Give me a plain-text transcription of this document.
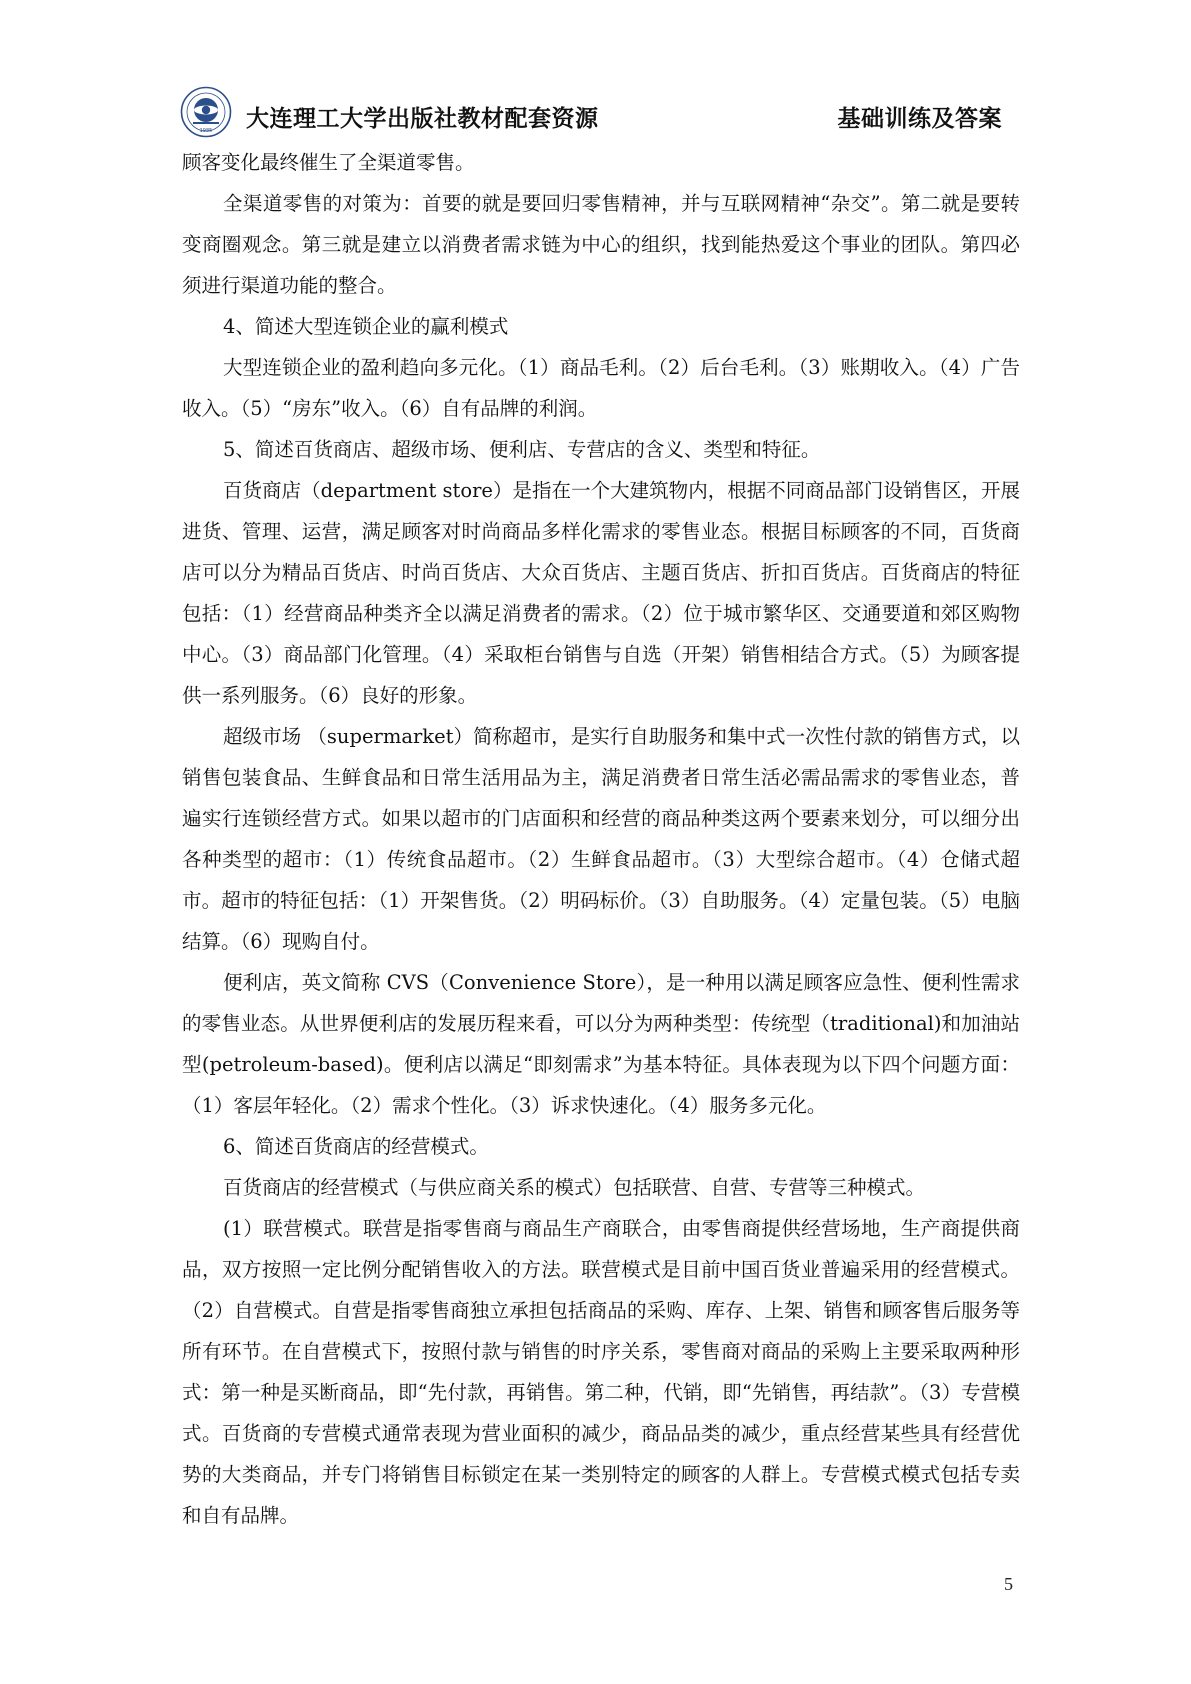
1985 大连理工大学出版社教材配套资源	基础训练及答案

顾客变化最终催生了全渠道零售。

全渠道零售的对策为：首要的就是要回归零售精神，并与互联网精神“杂交”。第二就是要转变商圈观念。第三就是建立以消费者需求链为中心的组织，找到能热爱这个事业的团队。第四必须进行渠道功能的整合。

4、简述大型连锁企业的赢利模式

大型连锁企业的盈利趋向多元化。（1）商品毛利。（2）后台毛利。（3）账期收入。（4）广告收入。（5）“房东”收入。（6）自有品牌的利润。

5、简述百货商店、超级市场、便利店、专营店的含义、类型和特征。

百货商店（department store）是指在一个大建筑物内，根据不同商品部门设销售区，开展进货、管理、运营，满足顾客对时尚商品多样化需求的零售业态。根据目标顾客的不同，百货商店可以分为精品百货店、时尚百货店、大众百货店、主题百货店、折扣百货店。百货商店的特征包括：（1）经营商品种类齐全以满足消费者的需求。（2）位于城市繁华区、交通要道和郊区购物中心。（3）商品部门化管理。（4）采取柜台销售与自选（开架）销售相结合方式。（5）为顾客提供一系列服务。（6）良好的形象。

超级市场 （supermarket）简称超市，是实行自助服务和集中式一次性付款的销售方式，以销售包装食品、生鲜食品和日常生活用品为主，满足消费者日常生活必需品需求的零售业态，普遍实行连锁经营方式。如果以超市的门店面积和经营的商品种类这两个要素来划分，可以细分出各种类型的超市：（1）传统食品超市。（2）生鲜食品超市。（3）大型综合超市。（4）仓储式超市。超市的特征包括：（1）开架售货。（2）明码标价。（3）自助服务。（4）定量包装。（5）电脑结算。（6）现购自付。

便利店，英文简称 CVS（Convenience Store），是一种用以满足顾客应急性、便利性需求的零售业态。从世界便利店的发展历程来看，可以分为两种类型：传统型（traditional)和加油站型(petroleum-based)。便利店以满足“即刻需求”为基本特征。具体表现为以下四个问题方面：（1）客层年轻化。（2）需求个性化。（3）诉求快速化。（4）服务多元化。

6、简述百货商店的经营模式。

百货商店的经营模式（与供应商关系的模式）包括联营、自营、专营等三种模式。

(1）联营模式。联营是指零售商与商品生产商联合，由零售商提供经营场地，生产商提供商品，双方按照一定比例分配销售收入的方法。联营模式是目前中国百货业普遍采用的经营模式。（2）自营模式。自营是指零售商独立承担包括商品的采购、库存、上架、销售和顾客售后服务等所有环节。在自营模式下，按照付款与销售的时序关系，零售商对商品的采购上主要采取两种形式：第一种是买断商品，即“先付款，再销售。第二种，代销，即“先销售，再结款”。（3）专营模式。百货商的专营模式通常表现为营业面积的减少，商品品类的减少，重点经营某些具有经营优势的大类商品，并专门将销售目标锁定在某一类别特定的顾客的人群上。专营模式模式包括专卖和自有品牌。

5
